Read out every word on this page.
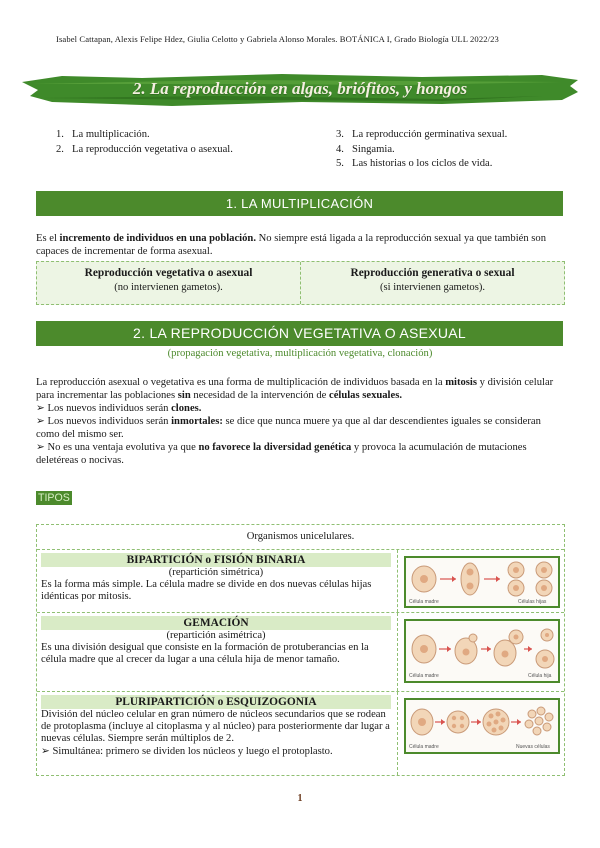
Isabel Cattapan, Alexis Felipe Hdez, Giulia Celotto y Gabriela Alonso Morales. BOTÁNICA I, Grado Biología ULL 2022/23
2. La reproducción en algas, briófitos, y hongos
1. La multiplicación.
2. La reproducción vegetativa o asexual.
3. La reproducción germinativa sexual.
4. Singamia.
5. Las historias o los ciclos de vida.
1. LA MULTIPLICACIÓN
Es el incremento de individuos en una población. No siempre está ligada a la reproducción sexual ya que también son capaces de incrementar de forma asexual.
Reproducción vegetativa o asexual
(no intervienen gametos).
Reproducción generativa o sexual
(si intervienen gametos).
2. LA REPRODUCCIÓN VEGETATIVA O ASEXUAL
(propagación vegetativa, multiplicación vegetativa, clonación)
La reproducción asexual o vegetativa es una forma de multiplicación de individuos basada en la mitosis y división celular para incrementar las poblaciones sin necesidad de la intervención de células sexuales.
➢ Los nuevos individuos serán clones.
➢ Los nuevos individuos serán inmortales: se dice que nunca muere ya que al dar descendientes iguales se consideran como del mismo ser.
➢ No es una ventaja evolutiva ya que no favorece la diversidad genética y provoca la acumulación de mutaciones deletéreas o nocivas.
TIPOS
Organismos unicelulares.
BIPARTICIÓN o FISIÓN BINARIA
(repartición simétrica)
Es la forma más simple. La célula madre se divide en dos nuevas células hijas idénticas por mitosis.	Célula madre	Células hijas
GEMACIÓN
(repartición asimétrica)
Es una división desigual que consiste en la formación de protuberancias en la célula madre que al crecer da lugar a una célula hija de menor tamaño.
Célula madre	Célula hija
PLURIPARTICIÓN o ESQUIZOGONIA
División del núcleo celular en gran número de núcleos secundarios que se rodean de protoplasma (incluye al citoplasma y al núcleo) para posteriormente dar lugar a nuevas células. Siempre serán múltiplos de 2.
➢ Simultánea: primero se dividen los núcleos y luego el protoplasto.	Célula madre	Nuevas células
1
